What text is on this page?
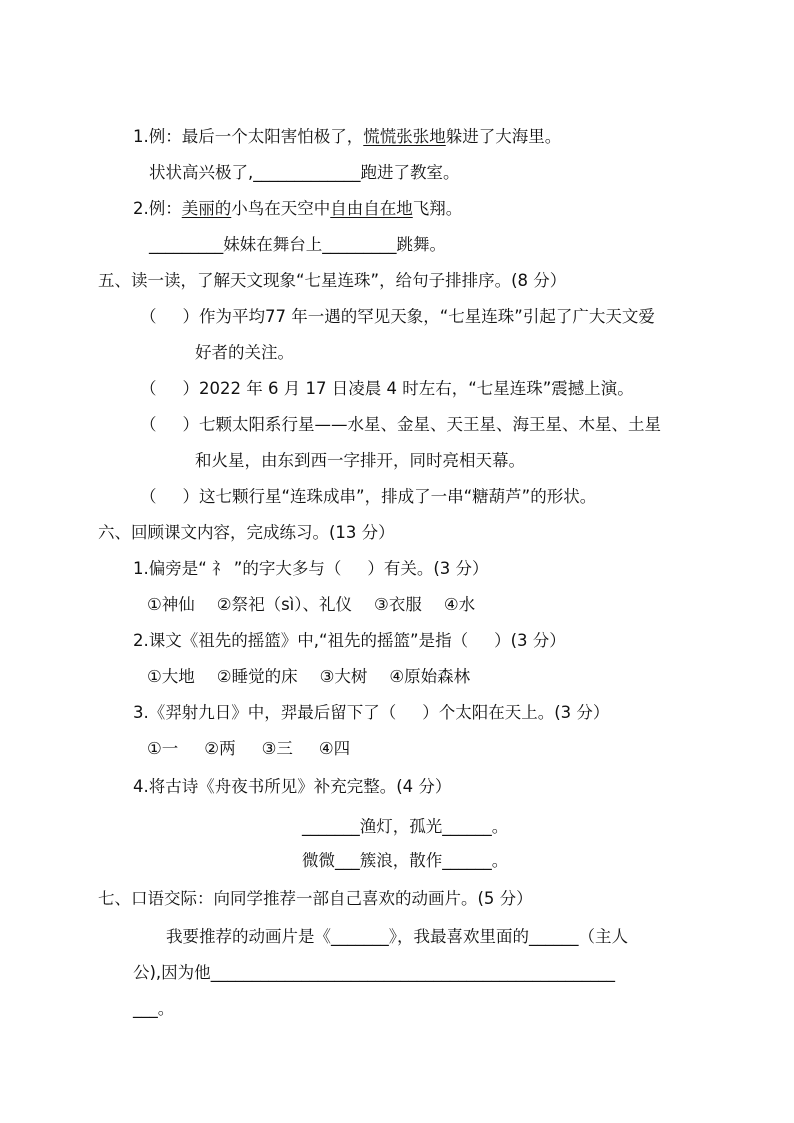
1.例：最后一个太阳害怕极了，慌慌张张地躲进了大海里。
状状高兴极了,_____________跑进了教室。
2.例：美丽的小鸟在天空中自由自在地飞翔。
_________妹妹在舞台上_________跳舞。
五、读一读，了解天文现象“七星连珠”，给句子排排序。(8 分）
（ ）作为平均77 年一遇的罕见天象，“七星连珠”引起了广大天文爱
好者的关注。
（ ）2022 年 6 月 17 日凌晨 4 时左右，“七星连珠”震撼上演。
（ ）七颗太阳系行星——水星、金星、天王星、海王星、木星、土星
和火星，由东到西一字排开，同时亮相天幕。
（ ）这七颗行星“连珠成串”，排成了一串“糖葫芦”的形状。
六、回顾课文内容，完成练习。(13 分）
1.偏旁是“ 礻 ”的字大多与（ ）有关。(3 分）
①神仙 ②祭祀（sì）、礼仪 ③衣服 ④水
2.课文《祖先的摇篮》中,“祖先的摇篮”是指（ ）(3 分）
①大地 ②睡觉的床 ③大树 ④原始森林
3.《羿射九日》中，羿最后留下了（ ）个太阳在天上。(3 分）
①一 ②两 ③三 ④四
4.将古诗《舟夜书所见》补充完整。(4 分）
_______渔灯，孤光______。
微微___簇浪，散作______。
七、口语交际：向同学推荐一部自己喜欢的动画片。(5 分）
我要推荐的动画片是《_______》，我最喜欢里面的______（主人
公),因为他_________________________________________________
___。
